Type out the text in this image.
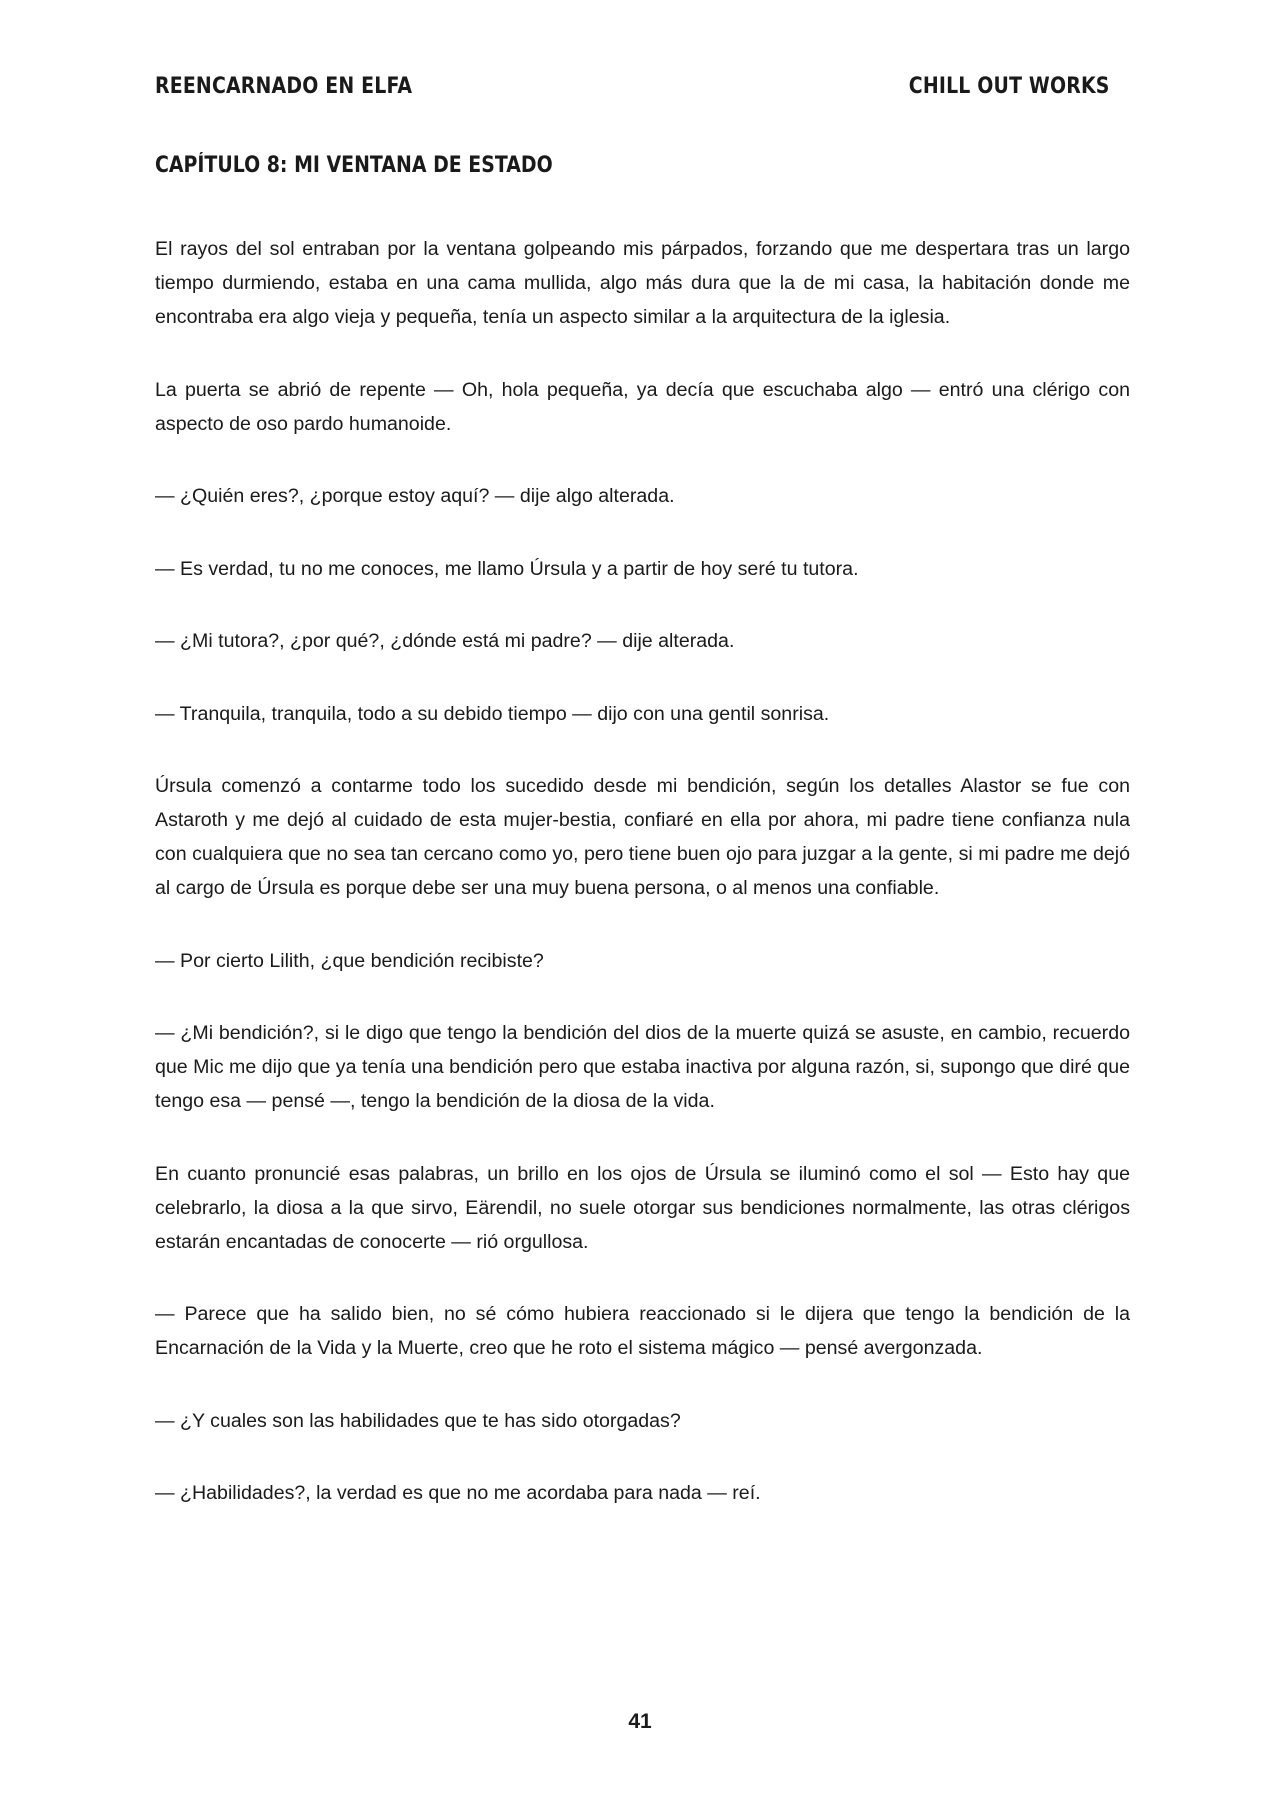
REENCARNADO EN ELFA	CHILL OUT WORKS
CAPÍTULO 8: MI VENTANA DE ESTADO

El rayos del sol entraban por la ventana golpeando mis párpados, forzando que me despertara tras un largo tiempo durmiendo, estaba en una cama mullida, algo más dura que la de mi casa, la habitación donde me encontraba era algo vieja y pequeña, tenía un aspecto similar a la arquitectura de la iglesia.

La puerta se abrió de repente — Oh, hola pequeña, ya decía que escuchaba algo — entró una clérigo con aspecto de oso pardo humanoide.

— ¿Quién eres?, ¿porque estoy aquí? — dije algo alterada.

— Es verdad, tu no me conoces, me llamo Úrsula y a partir de hoy seré tu tutora.

— ¿Mi tutora?, ¿por qué?, ¿dónde está mi padre? — dije alterada.

— Tranquila, tranquila, todo a su debido tiempo — dijo con una gentil sonrisa.

Úrsula comenzó a contarme todo los sucedido desde mi bendición, según los detalles Alastor se fue con Astaroth y me dejó al cuidado de esta mujer-bestia, confiaré en ella por ahora, mi padre tiene confianza nula con cualquiera que no sea tan cercano como yo, pero tiene buen ojo para juzgar a la gente, si mi padre me dejó al cargo de Úrsula es porque debe ser una muy buena persona, o al menos una confiable.

— Por cierto Lilith, ¿que bendición recibiste?

— ¿Mi bendición?, si le digo que tengo la bendición del dios de la muerte quizá se asuste, en cambio, recuerdo que Mic me dijo que ya tenía una bendición pero que estaba inactiva por alguna razón, si, supongo que diré que tengo esa — pensé —, tengo la bendición de la diosa de la vida.

En cuanto pronuncié esas palabras, un brillo en los ojos de Úrsula se iluminó como el sol — Esto hay que celebrarlo, la diosa a la que sirvo, Eärendil, no suele otorgar sus bendiciones normalmente, las otras clérigos estarán encantadas de conocerte — rió orgullosa.

— Parece que ha salido bien, no sé cómo hubiera reaccionado si le dijera que tengo la bendición de la Encarnación de la Vida y la Muerte, creo que he roto el sistema mágico — pensé avergonzada.

— ¿Y cuales son las habilidades que te has sido otorgadas?

— ¿Habilidades?, la verdad es que no me acordaba para nada — reí.

41
